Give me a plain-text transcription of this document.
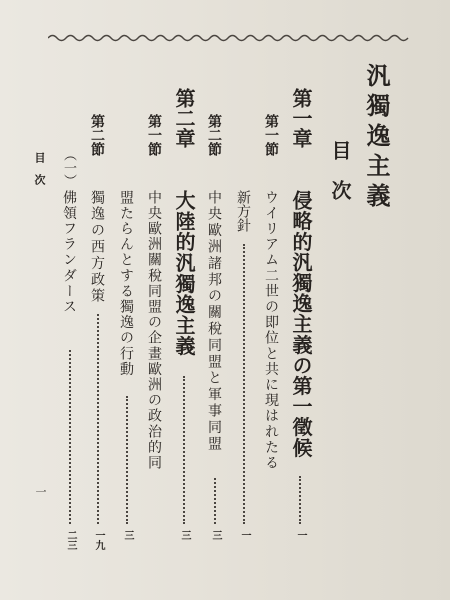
汎獨逸主義
目　次
第一章
侵略的汎獨逸主義の第一徵候
一
第一節
ウイリアム二世の即位と共に現はれたる
新方針
一
第二節
中央歐洲諸邦の關稅同盟と軍事同盟
三
第二章
大陸的汎獨逸主義
三
第一節
中央歐洲關稅同盟の企畫歐洲の政治的同
盟たらんとする獨逸の行動
三
第二節
獨逸の西方政策
一九
（一）
佛領フランダース
二三
目　次
一
